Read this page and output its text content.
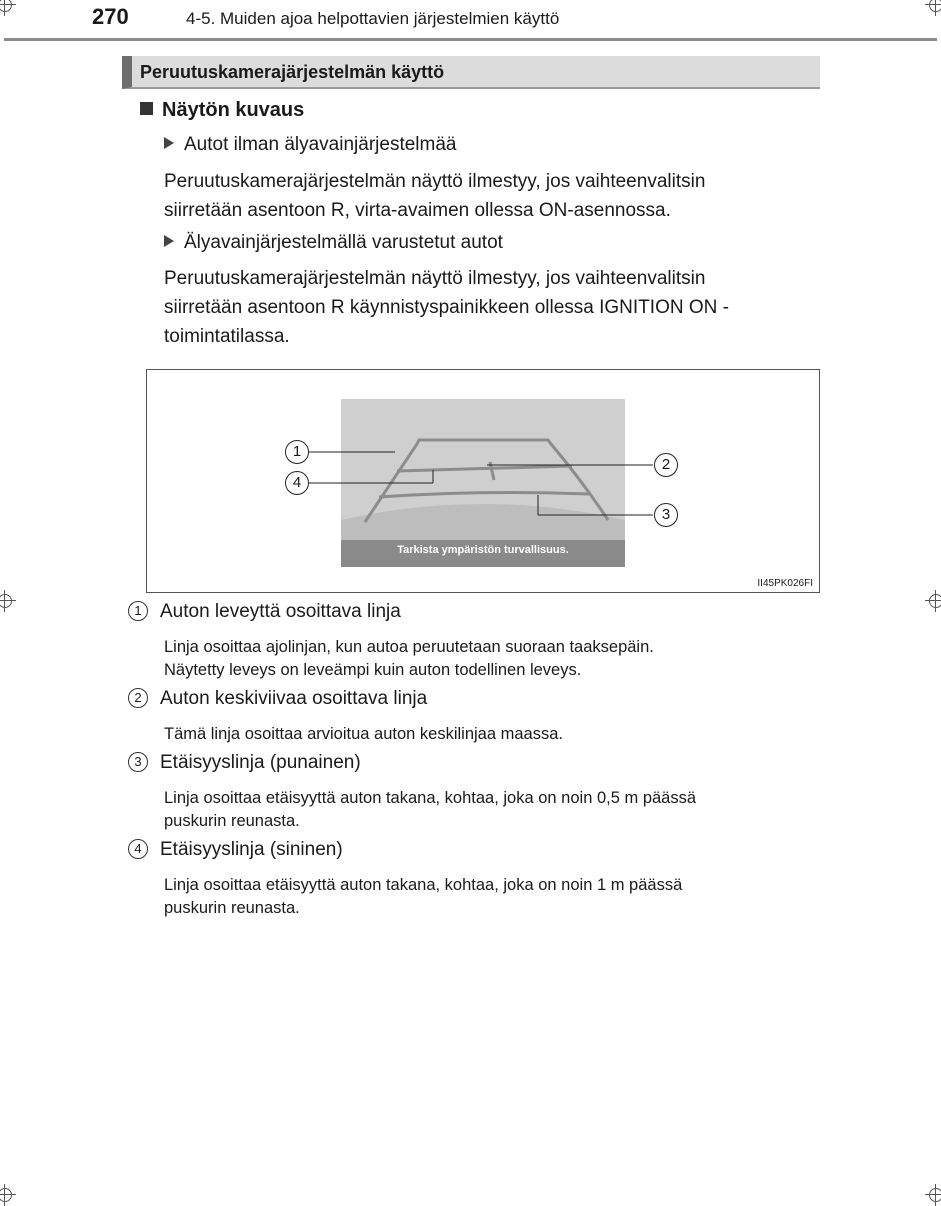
270	4-5. Muiden ajoa helpottavien järjestelmien käyttö
Peruutuskamerajärjestelmän käyttö
Näytön kuvaus
Autot ilman älyavainjärjestelmää
Peruutuskamerajärjestelmän näyttö ilmestyy, jos vaihteenvalitsin
siirretään asentoon R, virta-avaimen ollessa ON-asennossa.
Älyavainjärjestelmällä varustetut autot
Peruutuskamerajärjestelmän näyttö ilmestyy, jos vaihteenvalitsin
siirretään asentoon R käynnistyspainikkeen ollessa IGNITION ON -
toimintatilassa.
Tarkista ympäristön turvallisuus.
1
2
3
4
II45PK026FI
1 Auton leveyttä osoittava linja
Linja osoittaa ajolinjan, kun autoa peruutetaan suoraan taaksepäin.
Näytetty leveys on leveämpi kuin auton todellinen leveys.
2 Auton keskiviivaa osoittava linja
Tämä linja osoittaa arvioitua auton keskilinjaa maassa.
3 Etäisyyslinja (punainen)
Linja osoittaa etäisyyttä auton takana, kohtaa, joka on noin 0,5 m päässä
puskurin reunasta.
4 Etäisyyslinja (sininen)
Linja osoittaa etäisyyttä auton takana, kohtaa, joka on noin 1 m päässä
puskurin reunasta.
